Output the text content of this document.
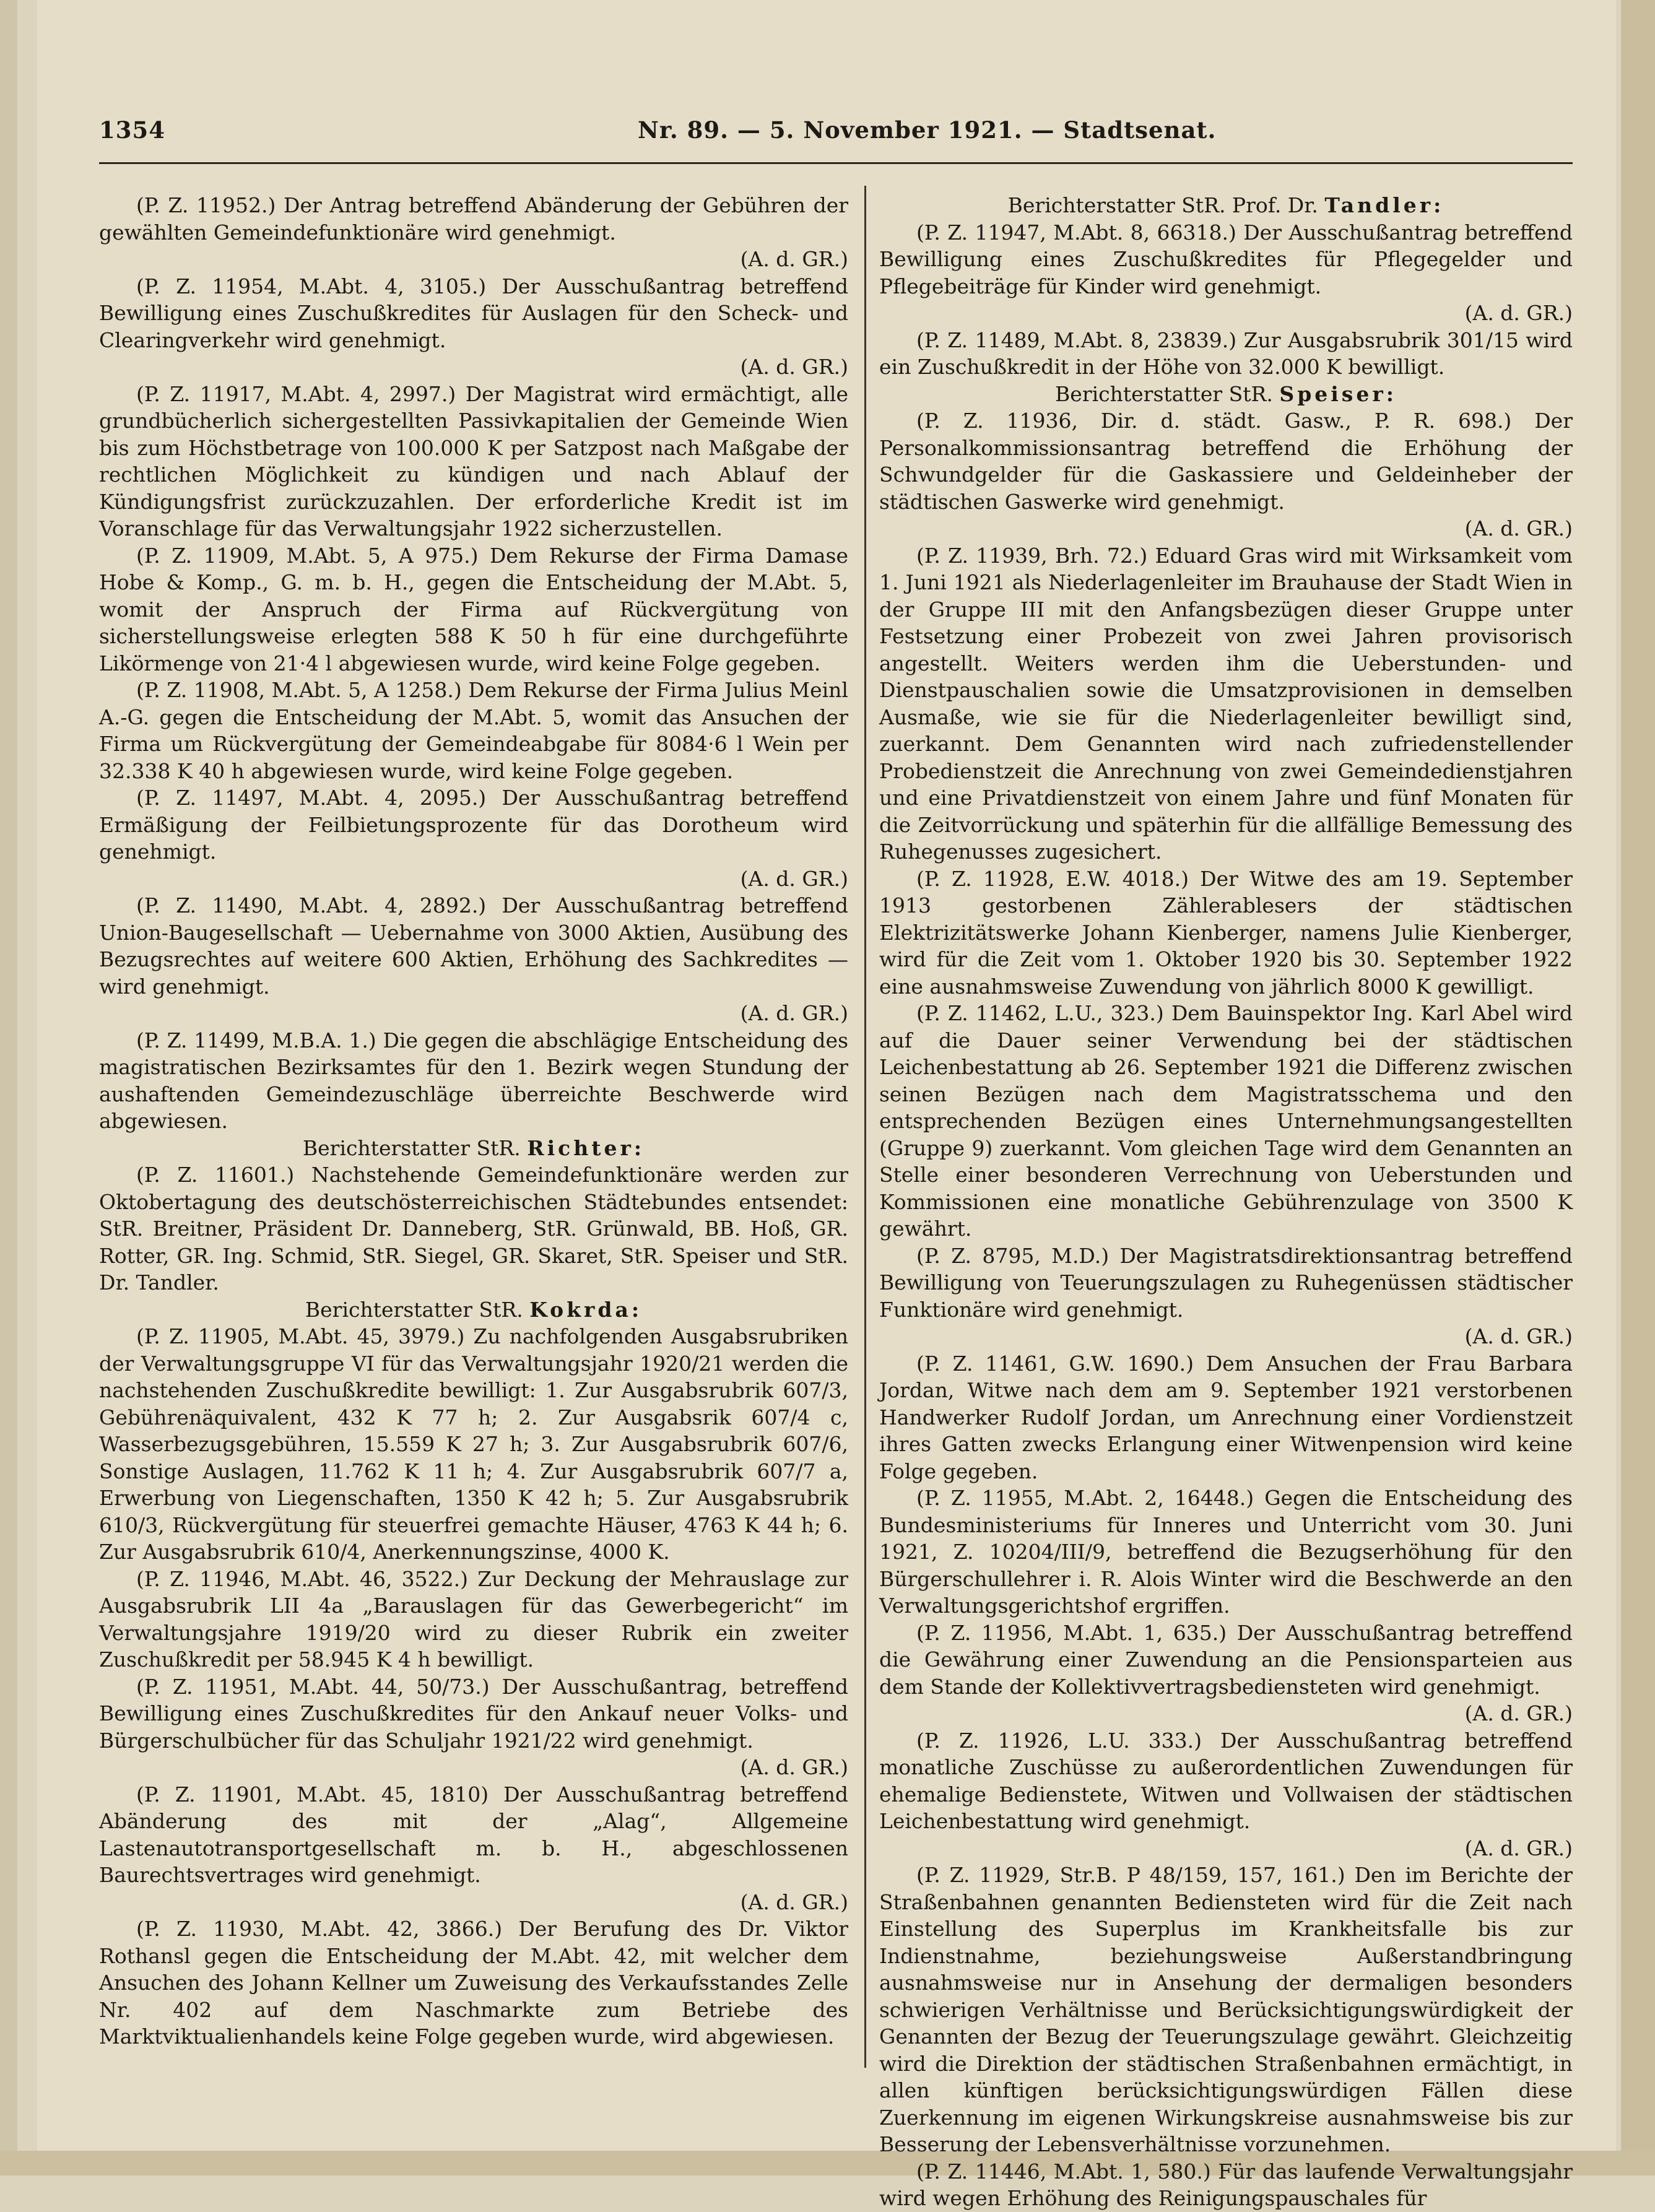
1354	Nr. 89. — 5. November 1921. — Stadtsenat.

(P. Z. 11952.) Der Antrag betreffend Abänderung der Gebühren der gewählten Gemeindefunktionäre wird genehmigt.
(A. d. GR.)

(P. Z. 11954, M.Abt. 4, 3105.) Der Ausschußantrag betreffend Bewilligung eines Zuschußkredites für Auslagen für den Scheck- und Clearingverkehr wird genehmigt.
(A. d. GR.)

(P. Z. 11917, M.Abt. 4, 2997.) Der Magistrat wird ermächtigt, alle grundbücherlich sichergestellten Passivkapitalien der Gemeinde Wien bis zum Höchstbetrage von 100.000 K per Satzpost nach Maßgabe der rechtlichen Möglichkeit zu kündigen und nach Ablauf der Kündigungsfrist zurückzuzahlen. Der erforderliche Kredit ist im Voranschlage für das Verwaltungsjahr 1922 sicherzustellen.

(P. Z. 11909, M.Abt. 5, A 975.) Dem Rekurse der Firma Damase Hobe & Komp., G. m. b. H., gegen die Entscheidung der M.Abt. 5, womit der Anspruch der Firma auf Rückvergütung von sicherstellungsweise erlegten 588 K 50 h für eine durchgeführte Likörmenge von 21·4 l abgewiesen wurde, wird keine Folge gegeben.

(P. Z. 11908, M.Abt. 5, A 1258.) Dem Rekurse der Firma Julius Meinl A.-G. gegen die Entscheidung der M.Abt. 5, womit das Ansuchen der Firma um Rückvergütung der Gemeindeabgabe für 8084·6 l Wein per 32.338 K 40 h abgewiesen wurde, wird keine Folge gegeben.

(P. Z. 11497, M.Abt. 4, 2095.) Der Ausschußantrag betreffend Ermäßigung der Feilbietungsprozente für das Dorotheum wird genehmigt.
(A. d. GR.)

(P. Z. 11490, M.Abt. 4, 2892.) Der Ausschußantrag betreffend Union-Baugesellschaft — Uebernahme von 3000 Aktien, Ausübung des Bezugsrechtes auf weitere 600 Aktien, Erhöhung des Sachkredites — wird genehmigt.
(A. d. GR.)

(P. Z. 11499, M.B.A. 1.) Die gegen die abschlägige Entscheidung des magistratischen Bezirksamtes für den 1. Bezirk wegen Stundung der aushaftenden Gemeindezuschläge überreichte Beschwerde wird abgewiesen.

Berichterstatter StR. Richter:

(P. Z. 11601.) Nachstehende Gemeindefunktionäre werden zur Oktobertagung des deutschösterreichischen Städtebundes entsendet: StR. Breitner, Präsident Dr. Danneberg, StR. Grünwald, BB. Hoß, GR. Rotter, GR. Ing. Schmid, StR. Siegel, GR. Skaret, StR. Speiser und StR. Dr. Tandler.

Berichterstatter StR. Kokrda:

(P. Z. 11905, M.Abt. 45, 3979.) Zu nachfolgenden Ausgabsrubriken der Verwaltungsgruppe VI für das Verwaltungsjahr 1920/21 werden die nachstehenden Zuschußkredite bewilligt: 1. Zur Ausgabsrubrik 607/3, Gebührenäquivalent, 432 K 77 h; 2. Zur Ausgabsrik 607/4 c, Wasserbezugsgebühren, 15.559 K 27 h; 3. Zur Ausgabsrubrik 607/6, Sonstige Auslagen, 11.762 K 11 h; 4. Zur Ausgabsrubrik 607/7 a, Erwerbung von Liegenschaften, 1350 K 42 h; 5. Zur Ausgabsrubrik 610/3, Rückvergütung für steuerfrei gemachte Häuser, 4763 K 44 h; 6. Zur Ausgabsrubrik 610/4, Anerkennungszinse, 4000 K.

(P. Z. 11946, M.Abt. 46, 3522.) Zur Deckung der Mehrauslage zur Ausgabsrubrik LII 4a „Barauslagen für das Gewerbegericht“ im Verwaltungsjahre 1919/20 wird zu dieser Rubrik ein zweiter Zuschußkredit per 58.945 K 4 h bewilligt.

(P. Z. 11951, M.Abt. 44, 50/73.) Der Ausschußantrag, betreffend Bewilligung eines Zuschußkredites für den Ankauf neuer Volks- und Bürgerschulbücher für das Schuljahr 1921/22 wird genehmigt.
(A. d. GR.)

(P. Z. 11901, M.Abt. 45, 1810) Der Ausschußantrag betreffend Abänderung des mit der „Alag“, Allgemeine Lastenautotransportgesellschaft m. b. H., abgeschlossenen Baurechtsvertrages wird genehmigt.
(A. d. GR.)

(P. Z. 11930, M.Abt. 42, 3866.) Der Berufung des Dr. Viktor Rothansl gegen die Entscheidung der M.Abt. 42, mit welcher dem Ansuchen des Johann Kellner um Zuweisung des Verkaufsstandes Zelle Nr. 402 auf dem Naschmarkte zum Betriebe des Marktviktualienhandels keine Folge gegeben wurde, wird abgewiesen.

Berichterstatter StR. Prof. Dr. Tandler:

(P. Z. 11947, M.Abt. 8, 66318.) Der Ausschußantrag betreffend Bewilligung eines Zuschußkredites für Pflegegelder und Pflegebeiträge für Kinder wird genehmigt.
(A. d. GR.)

(P. Z. 11489, M.Abt. 8, 23839.) Zur Ausgabsrubrik 301/15 wird ein Zuschußkredit in der Höhe von 32.000 K bewilligt.

Berichterstatter StR. Speiser:

(P. Z. 11936, Dir. d. städt. Gasw., P. R. 698.) Der Personalkommissionsantrag betreffend die Erhöhung der Schwundgelder für die Gaskassiere und Geldeinheber der städtischen Gaswerke wird genehmigt.
(A. d. GR.)

(P. Z. 11939, Brh. 72.) Eduard Gras wird mit Wirksamkeit vom 1. Juni 1921 als Niederlagenleiter im Brauhause der Stadt Wien in der Gruppe III mit den Anfangsbezügen dieser Gruppe unter Festsetzung einer Probezeit von zwei Jahren provisorisch angestellt. Weiters werden ihm die Ueberstunden- und Dienstpauschalien sowie die Umsatzprovisionen in demselben Ausmaße, wie sie für die Niederlagenleiter bewilligt sind, zuerkannt. Dem Genannten wird nach zufriedenstellender Probedienstzeit die Anrechnung von zwei Gemeindedienstjahren und eine Privatdienstzeit von einem Jahre und fünf Monaten für die Zeitvorrückung und späterhin für die allfällige Bemessung des Ruhegenusses zugesichert.

(P. Z. 11928, E.W. 4018.) Der Witwe des am 19. September 1913 gestorbenen Zählerablesers der städtischen Elektrizitätswerke Johann Kienberger, namens Julie Kienberger, wird für die Zeit vom 1. Oktober 1920 bis 30. September 1922 eine ausnahmsweise Zuwendung von jährlich 8000 K gewilligt.

(P. Z. 11462, L.U., 323.) Dem Bauinspektor Ing. Karl Abel wird auf die Dauer seiner Verwendung bei der städtischen Leichenbestattung ab 26. September 1921 die Differenz zwischen seinen Bezügen nach dem Magistratsschema und den entsprechenden Bezügen eines Unternehmungsangestellten (Gruppe 9) zuerkannt. Vom gleichen Tage wird dem Genannten an Stelle einer besonderen Verrechnung von Ueberstunden und Kommissionen eine monatliche Gebührenzulage von 3500 K gewährt.

(P. Z. 8795, M.D.) Der Magistratsdirektionsantrag betreffend Bewilligung von Teuerungszulagen zu Ruhegenüssen städtischer Funktionäre wird genehmigt.
(A. d. GR.)

(P. Z. 11461, G.W. 1690.) Dem Ansuchen der Frau Barbara Jordan, Witwe nach dem am 9. September 1921 verstorbenen Handwerker Rudolf Jordan, um Anrechnung einer Vordienstzeit ihres Gatten zwecks Erlangung einer Witwenpension wird keine Folge gegeben.

(P. Z. 11955, M.Abt. 2, 16448.) Gegen die Entscheidung des Bundesministeriums für Inneres und Unterricht vom 30. Juni 1921, Z. 10204/III/9, betreffend die Bezugserhöhung für den Bürgerschullehrer i. R. Alois Winter wird die Beschwerde an den Verwaltungsgerichtshof ergriffen.

(P. Z. 11956, M.Abt. 1, 635.) Der Ausschußantrag betreffend die Gewährung einer Zuwendung an die Pensionsparteien aus dem Stande der Kollektivvertragsbediensteten wird genehmigt.
(A. d. GR.)

(P. Z. 11926, L.U. 333.) Der Ausschußantrag betreffend monatliche Zuschüsse zu außerordentlichen Zuwendungen für ehemalige Bedienstete, Witwen und Vollwaisen der städtischen Leichenbestattung wird genehmigt.
(A. d. GR.)

(P. Z. 11929, Str.B. P 48/159, 157, 161.) Den im Berichte der Straßenbahnen genannten Bediensteten wird für die Zeit nach Einstellung des Superplus im Krankheitsfalle bis zur Indienstnahme, beziehungsweise Außerstandbringung ausnahmsweise nur in Ansehung der dermaligen besonders schwierigen Verhältnisse und Berücksichtigungswürdigkeit der Genannten der Bezug der Teuerungszulage gewährt. Gleichzeitig wird die Direktion der städtischen Straßenbahnen ermächtigt, in allen künftigen berücksichtigungswürdigen Fällen diese Zuerkennung im eigenen Wirkungskreise ausnahmsweise bis zur Besserung der Lebensverhältnisse vorzunehmen.

(P. Z. 11446, M.Abt. 1, 580.) Für das laufende Verwaltungsjahr wird wegen Erhöhung des Reinigungspauschales für
